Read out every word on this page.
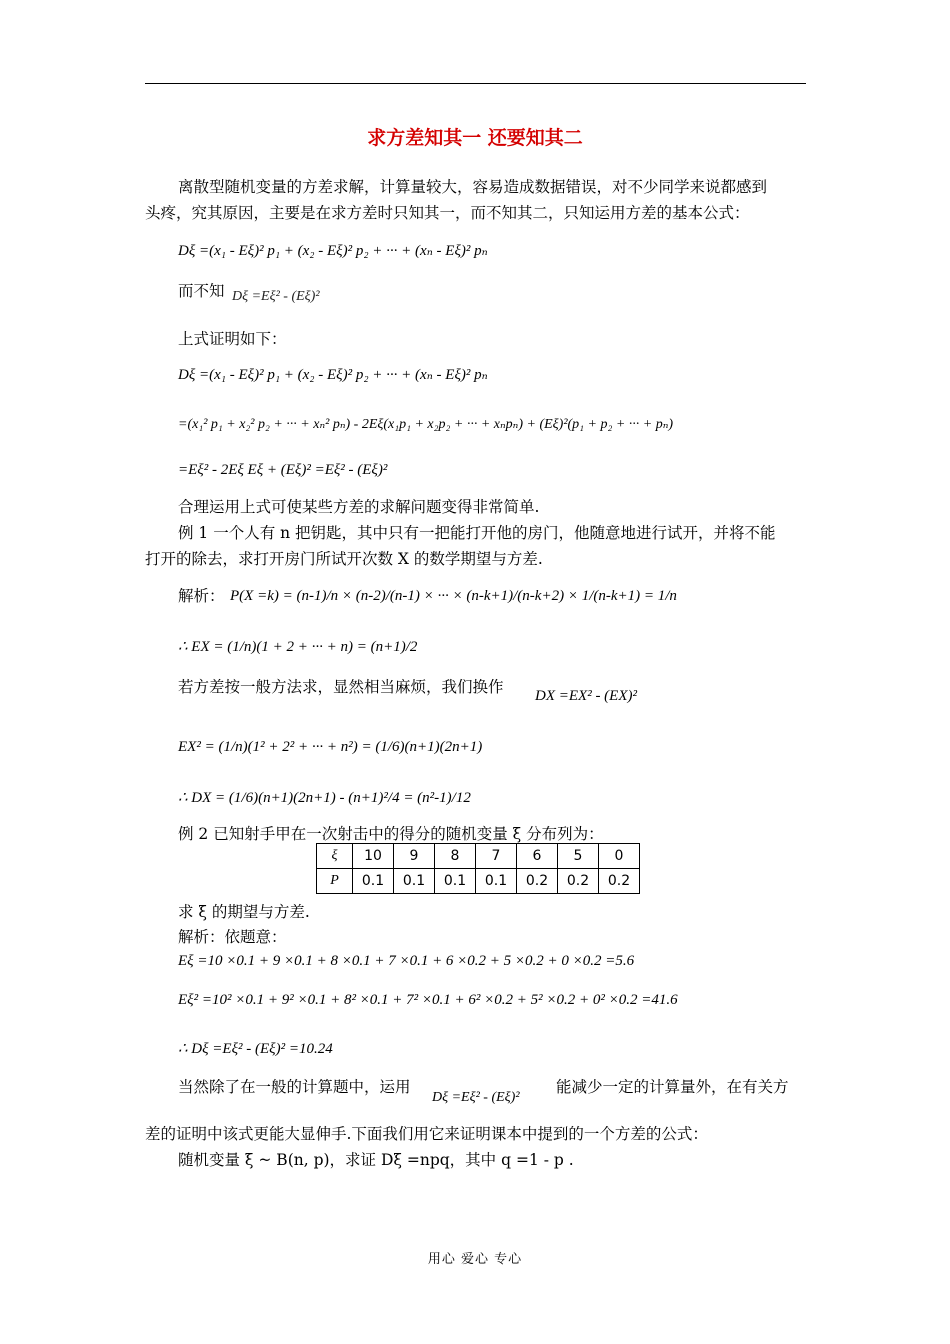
求方差知其一 还要知其二
离散型随机变量的方差求解，计算量较大，容易造成数据错误，对不少同学来说都感到
头疼，究其原因，主要是在求方差时只知其一，而不知其二，只知运用方差的基本公式：
Dξ =(x₁ - Eξ)² p₁ + (x₂ - Eξ)² p₂ + ··· + (xₙ - Eξ)² pₙ
而不知 Dξ =Eξ² - (Eξ)²
上式证明如下：
Dξ =(x₁ - Eξ)² p₁ + (x₂ - Eξ)² p₂ + ··· + (xₙ - Eξ)² pₙ
=(x₁² p₁ + x₂² p₂ + ··· + xₙ² pₙ) - 2Eξ(x₁p₁ + x₂p₂ + ··· + xₙpₙ) + (Eξ)²(p₁ + p₂ + ··· + pₙ)
=Eξ² - 2Eξ Eξ + (Eξ)² =Eξ² - (Eξ)²
合理运用上式可使某些方差的求解问题变得非常简单.
例 1 一个人有 n 把钥匙，其中只有一把能打开他的房门，他随意地进行试开，并将不能
打开的除去，求打开房门所试开次数 X 的数学期望与方差.
解析： P(X =k) = (n-1)/n × (n-2)/(n-1) × ··· × (n-k+1)/(n-k+2) × 1/(n-k+1) = 1/n
∴ EX = (1/n)(1 + 2 + ··· + n) = (n+1)/2
若方差按一般方法求，显然相当麻烦，我们换作 DX =EX² - (EX)²
EX² = (1/n)(1² + 2² + ··· + n²) = (1/6)(n+1)(2n+1)
∴ DX = (1/6)(n+1)(2n+1) - (n+1)²/4 = (n²-1)/12
例 2 已知射手甲在一次射击中的得分的随机变量 ξ 分布列为：
ξ	10	9	8	7	6	5	0
P	0.1	0.1	0.1	0.1	0.2	0.2	0.2
求 ξ 的期望与方差.
解析：依题意：
Eξ =10 ×0.1 + 9 ×0.1 + 8 ×0.1 + 7 ×0.1 + 6 ×0.2 + 5 ×0.2 + 0 ×0.2 =5.6
Eξ² =10² ×0.1 + 9² ×0.1 + 8² ×0.1 + 7² ×0.1 + 6² ×0.2 + 5² ×0.2 + 0² ×0.2 =41.6
∴ Dξ =Eξ² - (Eξ)² =10.24
当然除了在一般的计算题中，运用
Dξ =Eξ² - (Eξ)²
能减少一定的计算量外，在有关方
差的证明中该式更能大显伸手.下面我们用它来证明课本中提到的一个方差的公式：
随机变量 ξ ~ B(n, p)，求证 Dξ =npq，其中 q =1 - p .
用心 爱心 专心
